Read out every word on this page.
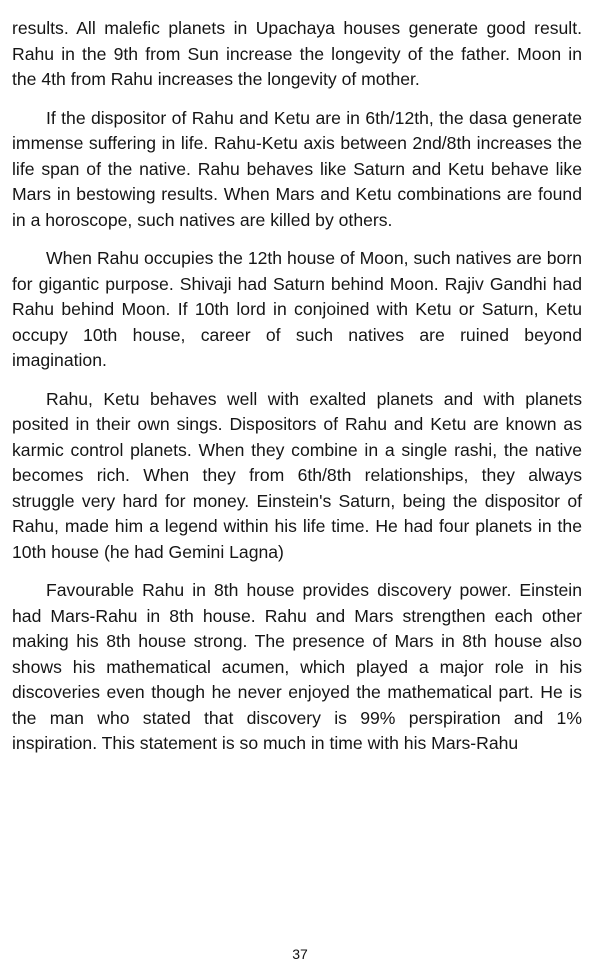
results. All malefic planets in Upachaya houses generate good result. Rahu in the 9th from Sun increase the longevity of the father. Moon in the 4th from Rahu increases the longevity of mother.

If the dispositor of Rahu and Ketu are in 6th/12th, the dasa generate immense suffering in life. Rahu-Ketu axis between 2nd/8th increases the life span of the native. Rahu behaves like Saturn and Ketu behave like Mars in bestowing results. When Mars and Ketu combinations are found in a horoscope, such natives are killed by others.

When Rahu occupies the 12th house of Moon, such natives are born for gigantic purpose. Shivaji had Saturn behind Moon. Rajiv Gandhi had Rahu behind Moon. If 10th lord in conjoined with Ketu or Saturn, Ketu occupy 10th house, career of such natives are ruined beyond imagination.

Rahu, Ketu behaves well with exalted planets and with planets posited in their own sings. Dispositors of Rahu and Ketu are known as karmic control planets. When they combine in a single rashi, the native becomes rich. When they from 6th/8th relationships, they always struggle very hard for money. Einstein's Saturn, being the dispositor of Rahu, made him a legend within his life time. He had four planets in the 10th house (he had Gemini Lagna)

Favourable Rahu in 8th house provides discovery power. Einstein had Mars-Rahu in 8th house. Rahu and Mars strengthen each other making his 8th house strong. The presence of Mars in 8th house also shows his mathematical acumen, which played a major role in his discoveries even though he never enjoyed the mathematical part. He is the man who stated that discovery is 99% perspiration and 1% inspiration. This statement is so much in time with his Mars-Rahu

37
